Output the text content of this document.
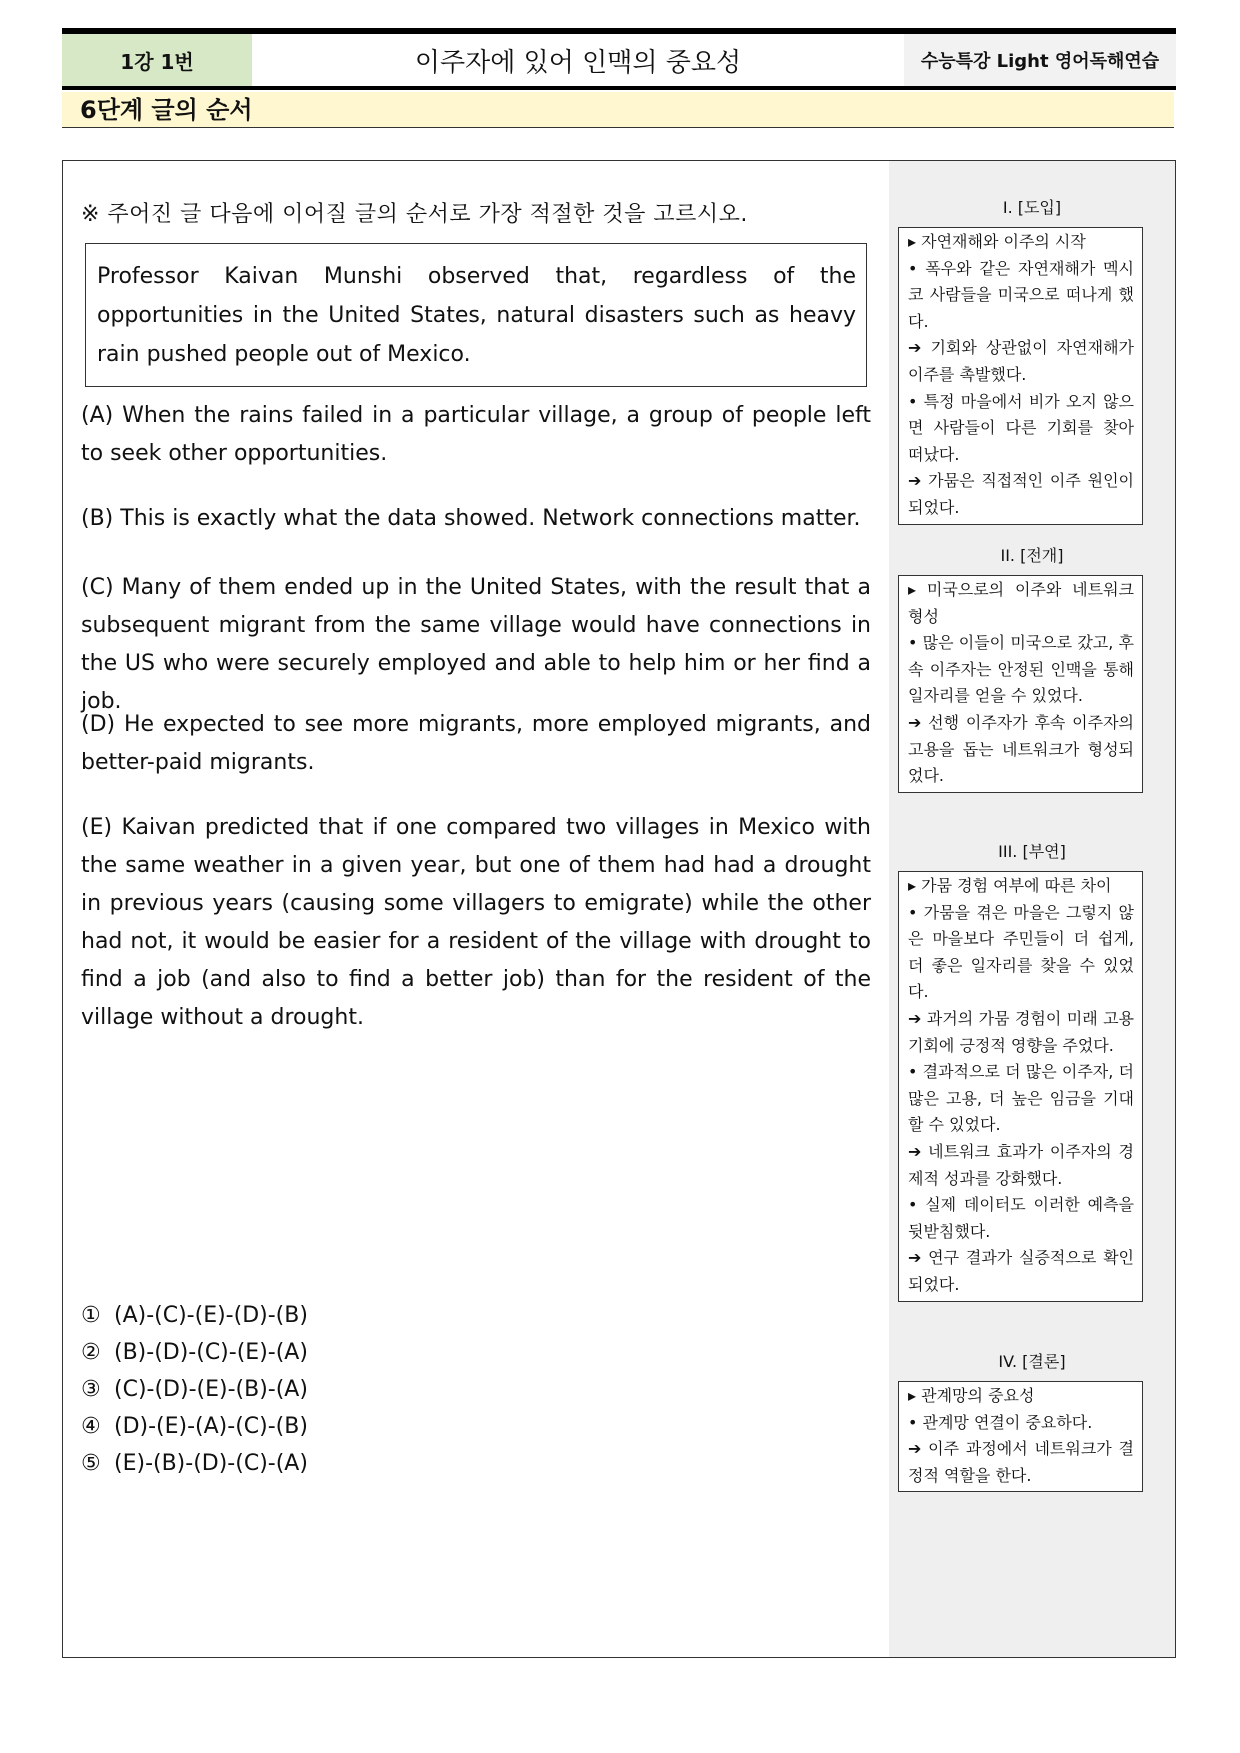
1강 1번	이주자에 있어 인맥의 중요성	수능특강 Light 영어독해연습
6단계 글의 순서
※ 주어진 글 다음에 이어질 글의 순서로 가장 적절한 것을 고르시오.
Professor Kaivan Munshi observed that, regardless of the opportunities in the United States, natural disasters such as heavy rain pushed people out of Mexico.
(A) When the rains failed in a particular village, a group of people left to seek other opportunities.
(B) This is exactly what the data showed. Network connections matter.
(C) Many of them ended up in the United States, with the result that a subsequent migrant from the same village would have connections in the US who were securely employed and able to help him or her find a job.
(D) He expected to see more migrants, more employed migrants, and better-paid migrants.
(E) Kaivan predicted that if one compared two villages in Mexico with the same weather in a given year, but one of them had had a drought in previous years (causing some villagers to emigrate) while the other had not, it would be easier for a resident of the village with drought to find a job (and also to find a better job) than for the resident of the village without a drought.
① (A)-(C)-(E)-(D)-(B)
② (B)-(D)-(C)-(E)-(A)
③ (C)-(D)-(E)-(B)-(A)
④ (D)-(E)-(A)-(C)-(B)
⑤ (E)-(B)-(D)-(C)-(A)
I. [도입]
▸ 자연재해와 이주의 시작
• 폭우와 같은 자연재해가 멕시코 사람들을 미국으로 떠나게 했다.
➔ 기회와 상관없이 자연재해가 이주를 촉발했다.
• 특정 마을에서 비가 오지 않으면 사람들이 다른 기회를 찾아 떠났다.
➔ 가뭄은 직접적인 이주 원인이 되었다.
II. [전개]
▸ 미국으로의 이주와 네트워크 형성
• 많은 이들이 미국으로 갔고, 후속 이주자는 안정된 인맥을 통해 일자리를 얻을 수 있었다.
➔ 선행 이주자가 후속 이주자의 고용을 돕는 네트워크가 형성되었다.
III. [부연]
▸ 가뭄 경험 여부에 따른 차이
• 가뭄을 겪은 마을은 그렇지 않은 마을보다 주민들이 더 쉽게, 더 좋은 일자리를 찾을 수 있었다.
➔ 과거의 가뭄 경험이 미래 고용 기회에 긍정적 영향을 주었다.
• 결과적으로 더 많은 이주자, 더 많은 고용, 더 높은 임금을 기대할 수 있었다.
➔ 네트워크 효과가 이주자의 경제적 성과를 강화했다.
• 실제 데이터도 이러한 예측을 뒷받침했다.
➔ 연구 결과가 실증적으로 확인되었다.
IV. [결론]
▸ 관계망의 중요성
• 관계망 연결이 중요하다.
➔ 이주 과정에서 네트워크가 결정적 역할을 한다.
